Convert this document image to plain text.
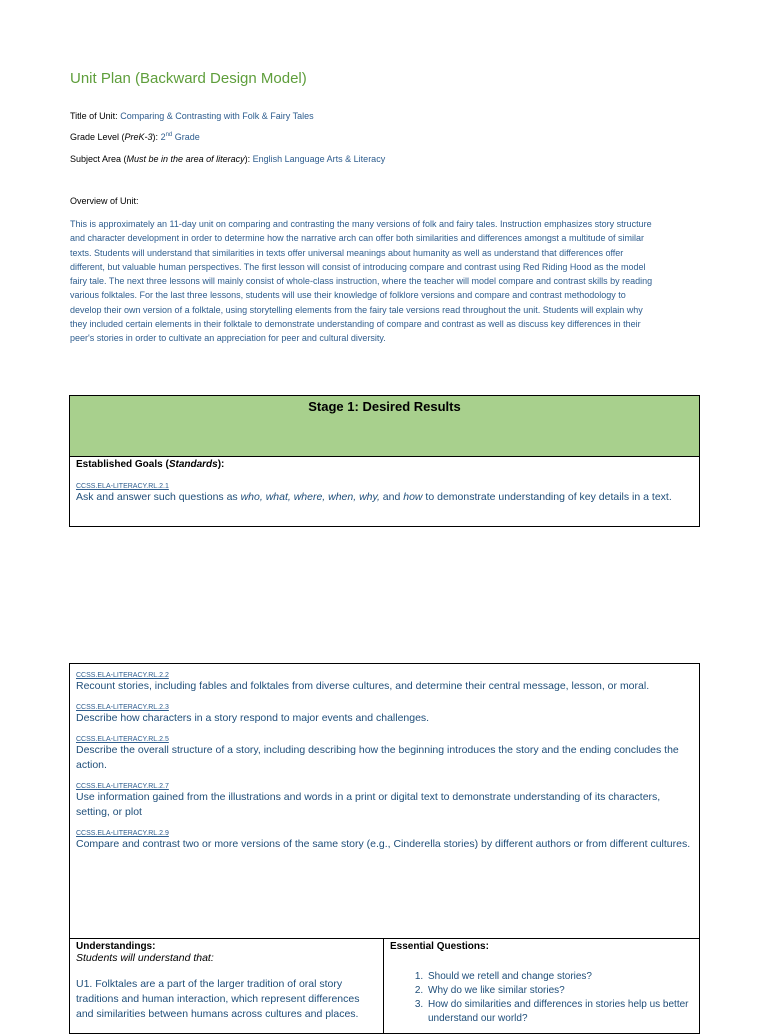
Unit Plan (Backward Design Model)
Title of Unit: Comparing & Contrasting with Folk & Fairy Tales
Grade Level (PreK-3): 2nd Grade
Subject Area (Must be in the area of literacy): English Language Arts & Literacy
Overview of Unit:
This is approximately an 11-day unit on comparing and contrasting the many versions of folk and fairy tales. Instruction emphasizes story structure
and character development in order to determine how the narrative arch can offer both similarities and differences amongst a multitude of similar
texts. Students will understand that similarities in texts offer universal meanings about humanity as well as understand that differences offer
different, but valuable human perspectives. The first lesson will consist of introducing compare and contrast using Red Riding Hood as the model
fairy tale. The next three lessons will mainly consist of whole-class instruction, where the teacher will model compare and contrast skills by reading
various folktales. For the last three lessons, students will use their knowledge of folklore versions and compare and contrast methodology to
develop their own version of a folktale, using storytelling elements from the fairy tale versions read throughout the unit. Students will explain why
they included certain elements in their folktale to demonstrate understanding of compare and contrast as well as discuss key differences in their
peer's stories in order to cultivate an appreciation for peer and cultural diversity.
Stage 1: Desired Results

Established Goals (Standards):
CCSS.ELA-LITERACY.RL.2.1
Ask and answer such questions as who, what, where, when, why, and how to demonstrate understanding of key details in a text.
CCSS.ELA-LITERACY.RL.2.2
Recount stories, including fables and folktales from diverse cultures, and determine their central message, lesson, or moral.
CCSS.ELA-LITERACY.RL.2.3
Describe how characters in a story respond to major events and challenges.
CCSS.ELA-LITERACY.RL.2.5
Describe the overall structure of a story, including describing how the beginning introduces the story and the ending concludes the action.
CCSS.ELA-LITERACY.RL.2.7
Use information gained from the illustrations and words in a print or digital text to demonstrate understanding of its characters, setting, or plot
CCSS.ELA-LITERACY.RL.2.9
Compare and contrast two or more versions of the same story (e.g., Cinderella stories) by different authors or from different cultures.

Understandings:
Students will understand that:
U1. Folktales are a part of the larger tradition of oral story traditions and human interaction, which represent differences and similarities between humans across cultures and places.

Essential Questions:
1. Should we retell and change stories?
2. Why do we like similar stories?
3. How do similarities and differences in stories help us better understand our world?
